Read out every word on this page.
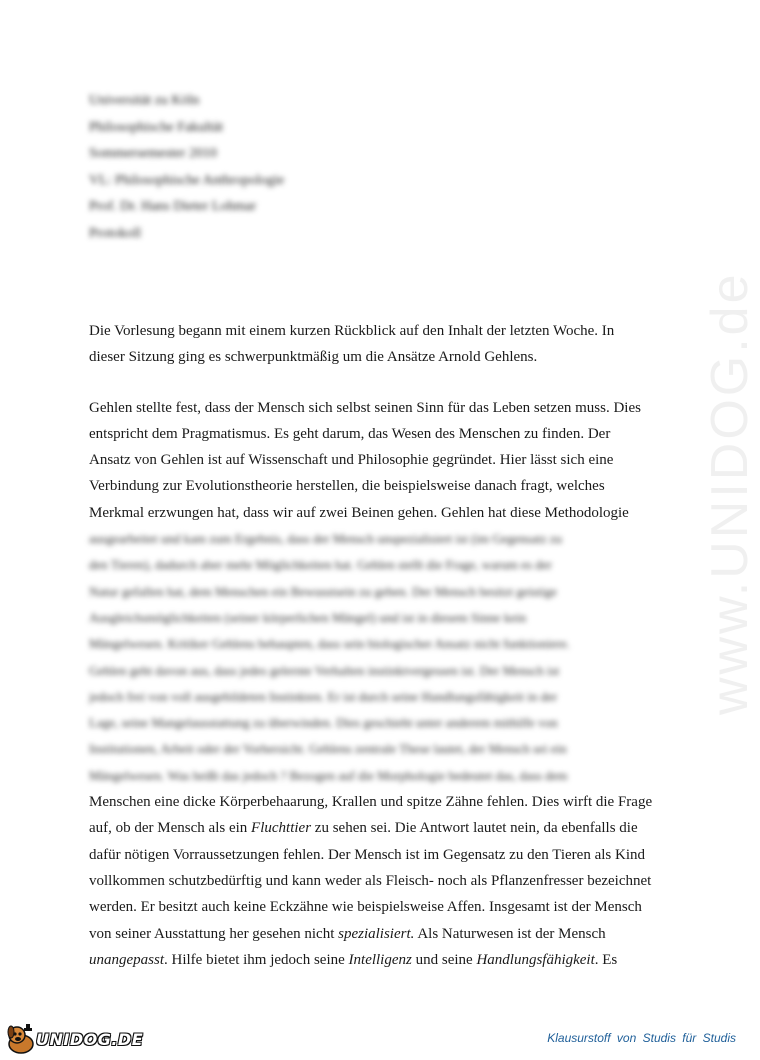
Universität zu Köln
Philosophische Fakultät
Sommersemester 2010
VL: Philosophische Anthropologie
Prof. Dr. Hans Dieter Lohmar
Protokoll

Die Vorlesung begann mit einem kurzen Rückblick auf den Inhalt der letzten Woche. In
dieser Sitzung ging es schwerpunktmäßig um die Ansätze Arnold Gehlens.

Gehlen stellte fest, dass der Mensch sich selbst seinen Sinn für das Leben setzen muss. Dies
entspricht dem Pragmatismus. Es geht darum, das Wesen des Menschen zu finden. Der
Ansatz von Gehlen ist auf Wissenschaft und Philosophie gegründet. Hier lässt sich eine
Verbindung zur Evolutionstheorie herstellen, die beispielsweise danach fragt, welches
Merkmal erzwungen hat, dass wir auf zwei Beinen gehen. Gehlen hat diese Methodologie
ausgearbeitet und kam zum Ergebnis, dass der Mensch unspezialisiert ist (im Gegensatz zu
den Tieren), dadurch aber mehr Möglichkeiten hat. Gehlen stellt die Frage, warum es der
Natur gefallen hat, dem Menschen ein Bewusstsein zu geben. Der Mensch besitzt geistige
Ausgleichsmöglichkeiten (seiner körperlichen Mängel) und ist in diesem Sinne kein
Mängelwesen. Kritiker Gehlens behaupten, dass sein biologischer Ansatz nicht funktioniere.
Gehlen geht davon aus, dass jedes gelernte Verhalten instinktvergessen ist. Der Mensch ist
jedoch frei von voll ausgebildeten Instinkten. Er ist durch seine Handlungsfähigkeit in der
Lage, seine Mangelausstattung zu überwinden. Dies geschieht unter anderem mithilfe von
Institutionen, Arbeit oder der Vorhersicht. Gehlens zentrale These lautet, der Mensch sei ein
Mängelwesen. Was heißt das jedoch ? Bezogen auf die Morphologie bedeutet das, dass dem
Menschen eine dicke Körperbehaarung, Krallen und spitze Zähne fehlen. Dies wirft die Frage
auf, ob der Mensch als ein Fluchttier zu sehen sei. Die Antwort lautet nein, da ebenfalls die
dafür nötigen Vorraussetzungen fehlen. Der Mensch ist im Gegensatz zu den Tieren als Kind
vollkommen schutzbedürftig und kann weder als Fleisch- noch als Pflanzenfresser bezeichnet
werden. Er besitzt auch keine Eckzähne wie beispielsweise Affen. Insgesamt ist der Mensch
von seiner Ausstattung her gesehen nicht spezialisiert. Als Naturwesen ist der Mensch
unangepasst. Hilfe bietet ihm jedoch seine Intelligenz und seine Handlungsfähigkeit. Es

www.UNIDOG.de
UNIDOG.DE	Klausurstoff von Studis für Studis
